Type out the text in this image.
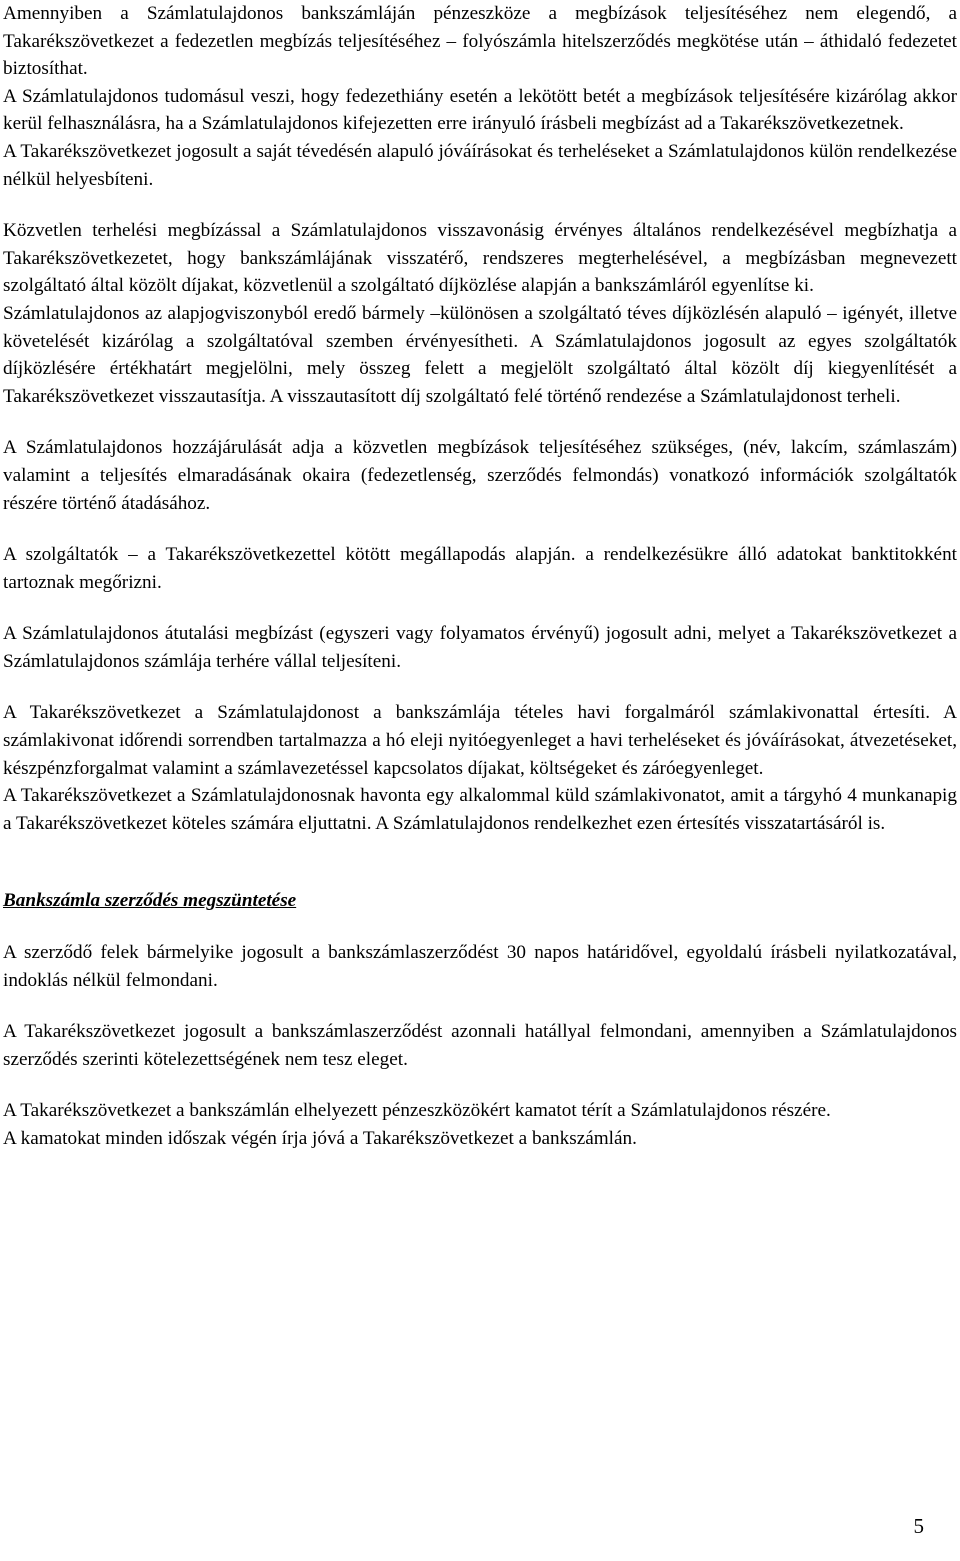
Amennyiben a Számlatulajdonos bankszámláján pénzeszköze a megbízások teljesítéséhez nem elegendő, a Takarékszövetkezet a fedezetlen megbízás teljesítéséhez – folyószámla hitelszerződés megkötése után – áthidaló fedezetet biztosíthat.

A Számlatulajdonos tudomásul veszi, hogy fedezethiány esetén a lekötött betét a megbízások teljesítésére kizárólag akkor kerül felhasználásra, ha a Számlatulajdonos kifejezetten erre irányuló írásbeli megbízást ad a Takarékszövetkezetnek.

A Takarékszövetkezet jogosult a saját tévedésén alapuló jóváírásokat és terheléseket a Számlatulajdonos külön rendelkezése nélkül helyesbíteni.

Közvetlen terhelési megbízással a Számlatulajdonos visszavonásig érvényes általános rendelkezésével megbízhatja a Takarékszövetkezetet, hogy bankszámlájának visszatérő, rendszeres megterhelésével, a megbízásban megnevezett szolgáltató által közölt díjakat, közvetlenül a szolgáltató díjközlése alapján a bankszámláról egyenlítse ki.

Számlatulajdonos az alapjogviszonyból eredő bármely –különösen a szolgáltató téves díjközlésén alapuló – igényét, illetve követelését kizárólag a szolgáltatóval szemben érvényesítheti. A Számlatulajdonos jogosult az egyes szolgáltatók díjközlésére értékhatárt megjelölni, mely összeg felett a megjelölt szolgáltató által közölt díj kiegyenlítését a Takarékszövetkezet visszautasítja. A visszautasított díj szolgáltató felé történő rendezése a Számlatulajdonost terheli.

A Számlatulajdonos hozzájárulását adja a közvetlen megbízások teljesítéséhez szükséges, (név, lakcím, számlaszám) valamint a teljesítés elmaradásának okaira (fedezetlenség, szerződés felmondás) vonatkozó információk szolgáltatók részére történő átadásához.

A szolgáltatók – a Takarékszövetkezettel kötött megállapodás alapján. a rendelkezésükre álló adatokat banktitokként tartoznak megőrizni.

A Számlatulajdonos átutalási megbízást (egyszeri vagy folyamatos érvényű) jogosult adni, melyet a Takarékszövetkezet a Számlatulajdonos számlája terhére vállal teljesíteni.

A Takarékszövetkezet a Számlatulajdonost a bankszámlája tételes havi forgalmáról számlakivonattal értesíti. A számlakivonat időrendi sorrendben tartalmazza a hó eleji nyitóegyenleget a havi terheléseket és jóváírásokat, átvezetéseket, készpénzforgalmat valamint a számlavezetéssel kapcsolatos díjakat, költségeket és záróegyenleget.

A Takarékszövetkezet a Számlatulajdonosnak havonta egy alkalommal küld számlakivonatot, amit a tárgyhó 4 munkanapig a Takarékszövetkezet köteles számára eljuttatni. A Számlatulajdonos rendelkezhet ezen értesítés visszatartásáról is.

Bankszámla szerződés megszüntetése

A szerződő felek bármelyike jogosult a bankszámlaszerződést 30 napos határidővel, egyoldalú írásbeli nyilatkozatával, indoklás nélkül felmondani.

A Takarékszövetkezet jogosult a bankszámlaszerződést azonnali hatállyal felmondani, amennyiben a Számlatulajdonos szerződés szerinti kötelezettségének nem tesz eleget.

A Takarékszövetkezet a bankszámlán elhelyezett pénzeszközökért kamatot térít a Számlatulajdonos részére.

A kamatokat minden időszak végén írja jóvá a Takarékszövetkezet a bankszámlán.

5
